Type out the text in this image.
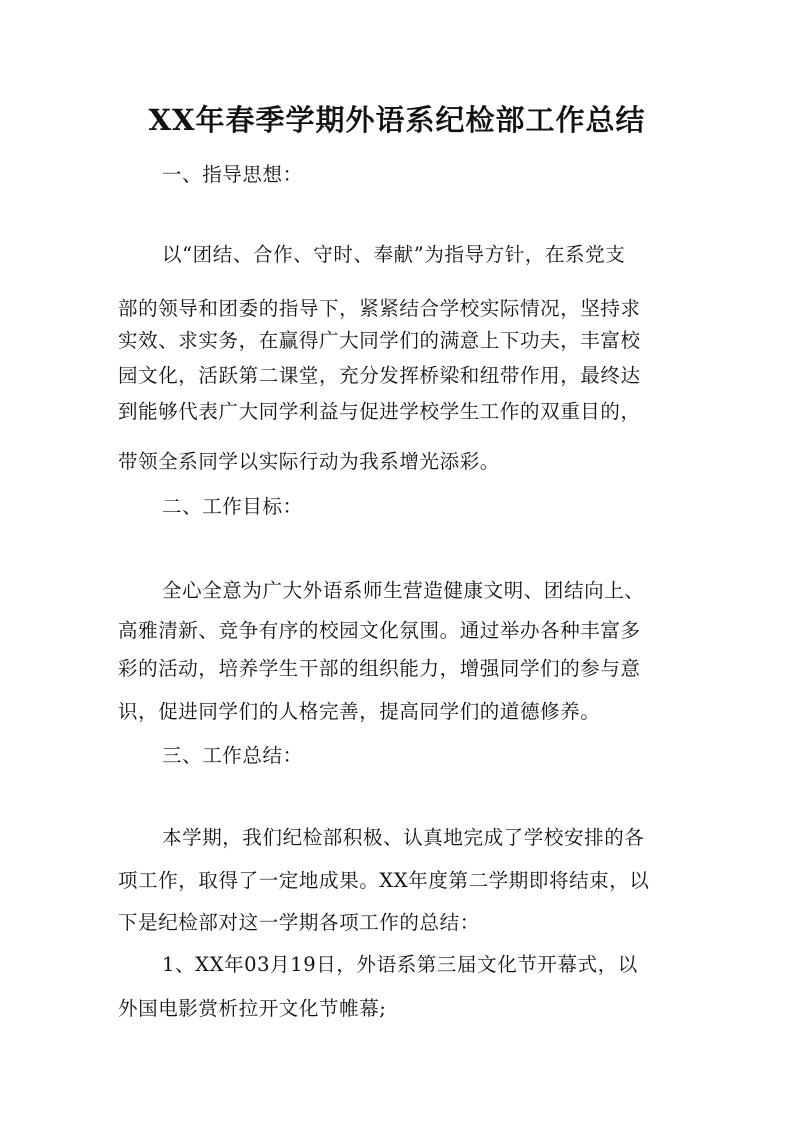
XX年春季学期外语系纪检部工作总结
一、指导思想：
以“团结、合作、守时、奉献”为指导方针，在系党支
部的领导和团委的指导下，紧紧结合学校实际情况，坚持求
实效、求实务，在赢得广大同学们的满意上下功夫，丰富校
园文化，活跃第二课堂，充分发挥桥梁和纽带作用，最终达
到能够代表广大同学利益与促进学校学生工作的双重目的，
带领全系同学以实际行动为我系增光添彩。
二、工作目标：
全心全意为广大外语系师生营造健康文明、团结向上、
高雅清新、竞争有序的校园文化氛围。通过举办各种丰富多
彩的活动，培养学生干部的组织能力，增强同学们的参与意
识，促进同学们的人格完善，提高同学们的道德修养。
三、工作总结：
本学期，我们纪检部积极、认真地完成了学校安排的各
项工作，取得了一定地成果。XX年度第二学期即将结束，以
下是纪检部对这一学期各项工作的总结：
1、XX年03月19日，外语系第三届文化节开幕式，以
外国电影赏析拉开文化节帷幕;
